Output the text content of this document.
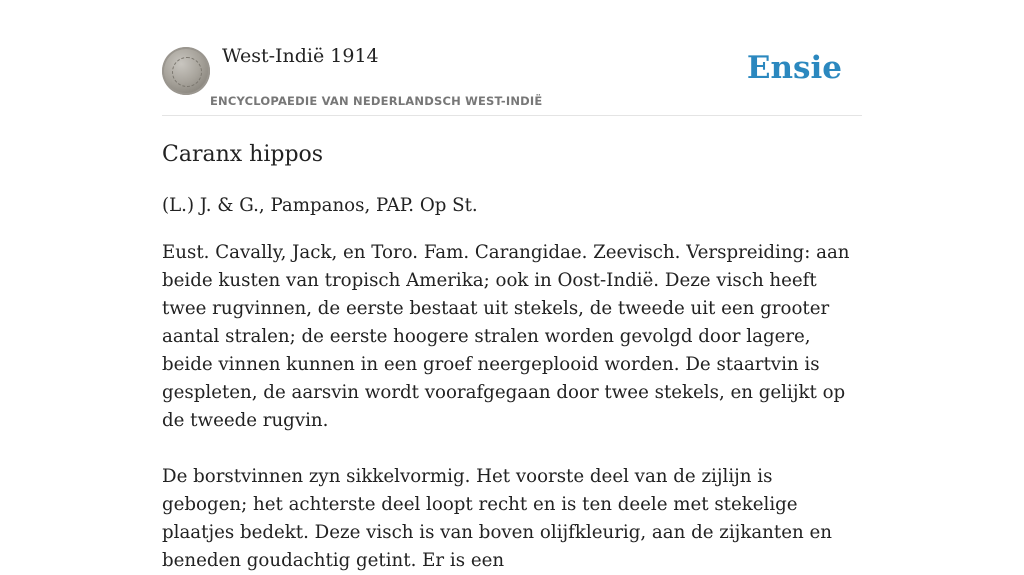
West-Indië 1914
ENCYCLOPAEDIE VAN NEDERLANDSCH WEST-INDIË
Ensie
Caranx hippos

(L.) J. & G., Pampanos, PAP. Op St.

Eust. Cavally, Jack, en Toro. Fam. Carangidae. Zeevisch. Verspreiding: aan beide kusten van tropisch Amerika; ook in Oost-Indië. Deze visch heeft twee rugvinnen, de eerste bestaat uit stekels, de tweede uit een grooter aantal stralen; de eerste hoogere stralen worden gevolgd door lagere, beide vinnen kunnen in een groef neergeplooid worden. De staartvin is gespleten, de aarsvin wordt voorafgegaan door twee stekels, en gelijkt op de tweede rugvin.

De borstvinnen zyn sikkelvormig. Het voorste deel van de zijlijn is gebogen; het achterste deel loopt recht en is ten deele met stekelige plaatjes bedekt. Deze visch is van boven olijfkleurig, aan de zijkanten en beneden goudachtig getint. Er is een
